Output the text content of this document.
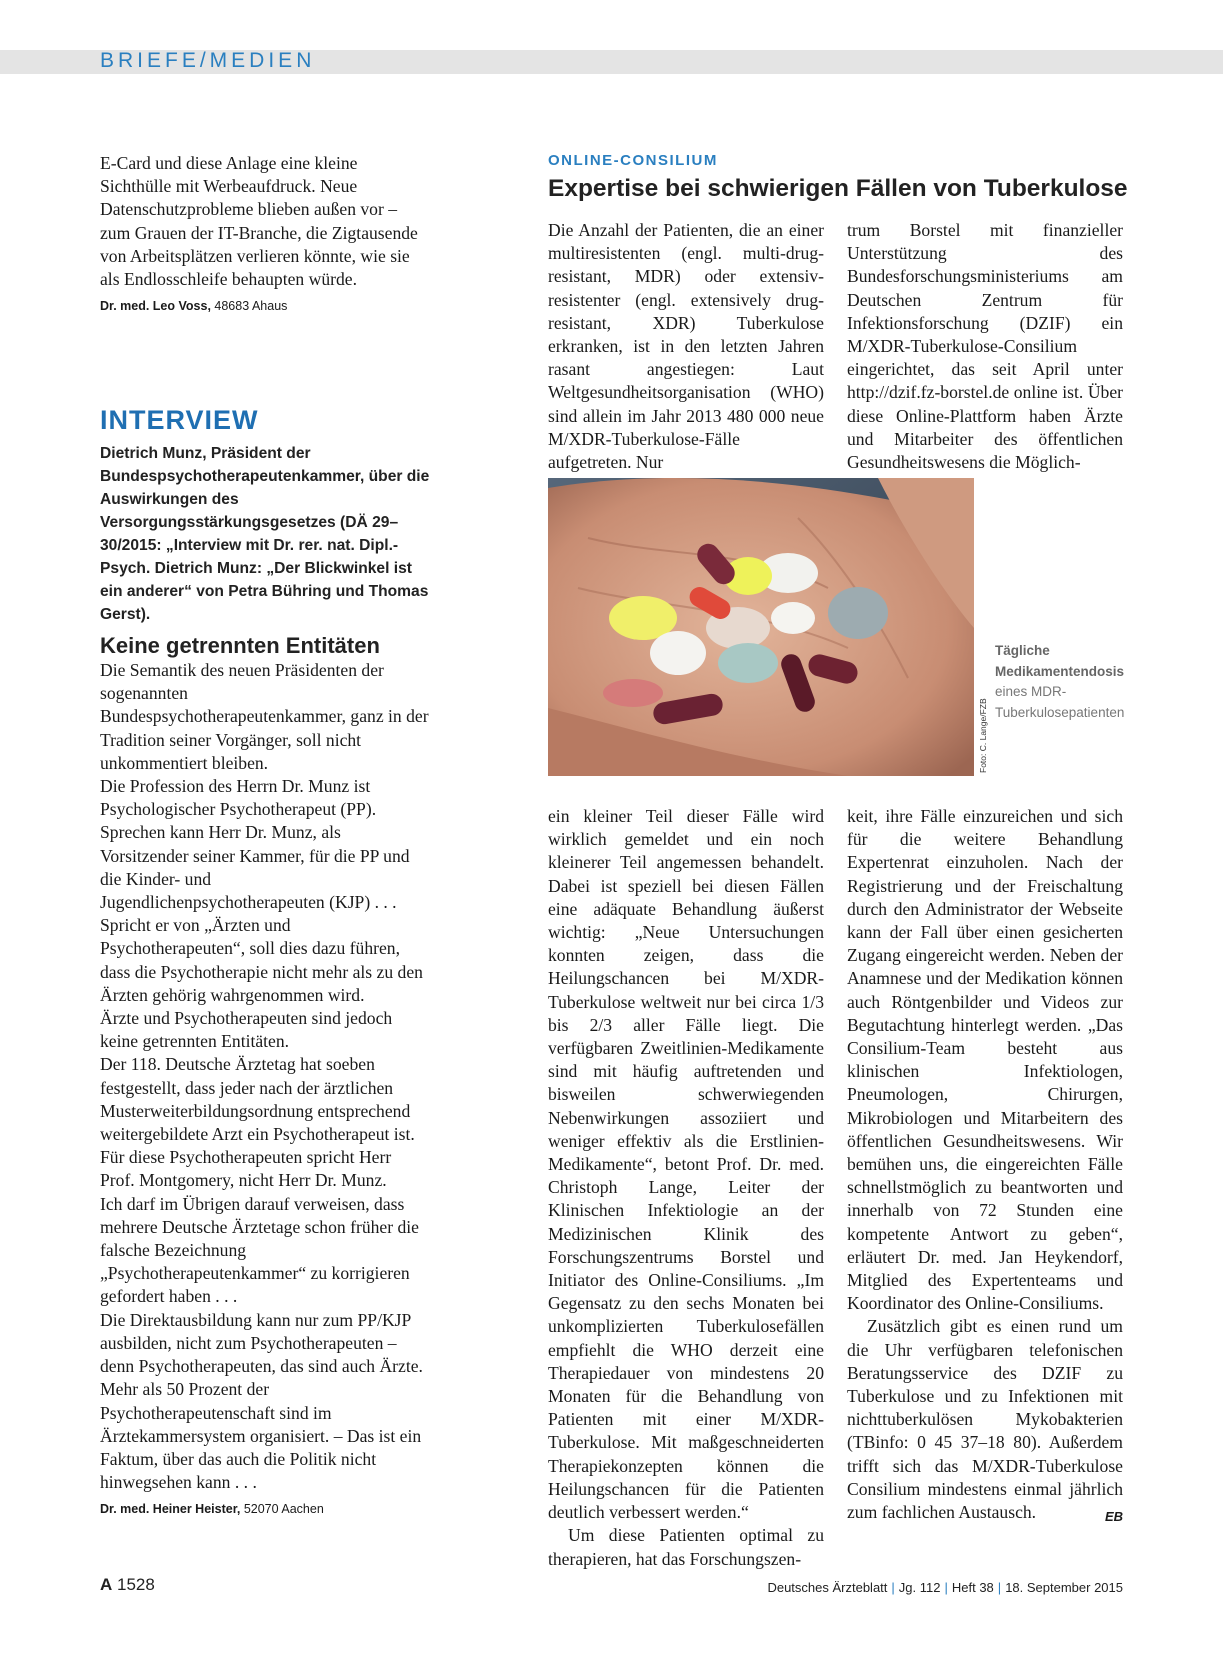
BRIEFE/MEDIEN
E-Card und diese Anlage eine kleine Sichthülle mit Werbeaufdruck. Neue Datenschutzprobleme blieben außen vor – zum Grauen der IT-Branche, die Zigtausende von Arbeitsplätzen verlieren könnte, wie sie als Endlosschleife behaupten würde.
Dr. med. Leo Voss, 48683 Ahaus
INTERVIEW
Dietrich Munz, Präsident der Bundespsychotherapeutenkammer, über die Auswirkungen des Versorgungsstärkungsgesetzes (DÄ 29–30/2015: „Interview mit Dr. rer. nat. Dipl.-Psych. Dietrich Munz: „Der Blickwinkel ist ein anderer“ von Petra Bühring und Thomas Gerst).
Keine getrennten Entitäten
Die Semantik des neuen Präsidenten der sogenannten Bundespsychotherapeutenkammer, ganz in der Tradition seiner Vorgänger, soll nicht unkommentiert bleiben.
Die Profession des Herrn Dr. Munz ist Psychologischer Psychotherapeut (PP).
Sprechen kann Herr Dr. Munz, als Vorsitzender seiner Kammer, für die PP und die Kinder- und Jugendlichenpsychotherapeuten (KJP) . . .
Spricht er von „Ärzten und Psychotherapeuten“, soll dies dazu führen, dass die Psychotherapie nicht mehr als zu den Ärzten gehörig wahrgenommen wird.
Ärzte und Psychotherapeuten sind jedoch keine getrennten Entitäten.
Der 118. Deutsche Ärztetag hat soeben festgestellt, dass jeder nach der ärztlichen Musterweiterbildungsordnung entsprechend weitergebildete Arzt ein Psychotherapeut ist.
Für diese Psychotherapeuten spricht Herr Prof. Montgomery, nicht Herr Dr. Munz.
Ich darf im Übrigen darauf verweisen, dass mehrere Deutsche Ärztetage schon früher die falsche Bezeichnung „Psychotherapeutenkammer“ zu korrigieren gefordert haben . . .
Die Direktausbildung kann nur zum PP/KJP ausbilden, nicht zum Psychotherapeuten – denn Psychotherapeuten, das sind auch Ärzte. Mehr als 50 Prozent der Psychotherapeutenschaft sind im Ärztekammersystem organisiert. – Das ist ein Faktum, über das auch die Politik nicht hinwegsehen kann . . .
Dr. med. Heiner Heister, 52070 Aachen
ONLINE-CONSILIUM
Expertise bei schwierigen Fällen von Tuberkulose
Die Anzahl der Patienten, die an einer multiresistenten (engl. multi-drug-resistant, MDR) oder extensiv-resistenter (engl. extensively drug-resistant, XDR) Tuberkulose erkranken, ist in den letzten Jahren rasant angestiegen: Laut Weltgesundheitsorganisation (WHO) sind allein im Jahr 2013 480 000 neue M/XDR-Tuberkulose-Fälle aufgetreten. Nur
trum Borstel mit finanzieller Unterstützung des Bundesforschungsministeriums am Deutschen Zentrum für Infektionsforschung (DZIF) ein M/XDR-Tuberkulose-Consilium eingerichtet, das seit April unter http://dzif.fz-borstel.de online ist. Über diese Online-Plattform haben Ärzte und Mitarbeiter des öffentlichen Gesundheitswesens die Möglich-
Foto: C. Lange/FZB
Tägliche Medikamentendosis
eines MDR-Tuberkulosepatienten
ein kleiner Teil dieser Fälle wird wirklich gemeldet und ein noch kleinerer Teil angemessen behandelt. Dabei ist speziell bei diesen Fällen eine adäquate Behandlung äußerst wichtig: „Neue Untersuchungen konnten zeigen, dass die Heilungschancen bei M/XDR-Tuberkulose weltweit nur bei circa 1/3 bis 2/3 aller Fälle liegt. Die verfügbaren Zweitlinien-Medikamente sind mit häufig auftretenden und bisweilen schwerwiegenden Nebenwirkungen assoziiert und weniger effektiv als die Erstlinien-Medikamente“, betont Prof. Dr. med. Christoph Lange, Leiter der Klinischen Infektiologie an der Medizinischen Klinik des Forschungszentrums Borstel und Initiator des Online-Consiliums. „Im Gegensatz zu den sechs Monaten bei unkomplizierten Tuberkulosefällen empfiehlt die WHO derzeit eine Therapiedauer von mindestens 20 Monaten für die Behandlung von Patienten mit einer M/XDR-Tuberkulose. Mit maßgeschneiderten Therapiekonzepten können die Heilungschancen für die Patienten deutlich verbessert werden.“
Um diese Patienten optimal zu therapieren, hat das Forschungszen-
keit, ihre Fälle einzureichen und sich für die weitere Behandlung Expertenrat einzuholen. Nach der Registrierung und der Freischaltung durch den Administrator der Webseite kann der Fall über einen gesicherten Zugang eingereicht werden. Neben der Anamnese und der Medikation können auch Röntgenbilder und Videos zur Begutachtung hinterlegt werden. „Das Consilium-Team besteht aus klinischen Infektiologen, Pneumologen, Chirurgen, Mikrobiologen und Mitarbeitern des öffentlichen Gesundheitswesens. Wir bemühen uns, die eingereichten Fälle schnellstmöglich zu beantworten und innerhalb von 72 Stunden eine kompetente Antwort zu geben“, erläutert Dr. med. Jan Heykendorf, Mitglied des Expertenteams und Koordinator des Online-Consiliums.
Zusätzlich gibt es einen rund um die Uhr verfügbaren telefonischen Beratungsservice des DZIF zu Tuberkulose und zu Infektionen mit nichttuberkulösen Mykobakterien (TBinfo: 0 45 37–18 80). Außerdem trifft sich das M/XDR-Tuberkulose Consilium mindestens einmal jährlich zum fachlichen Austausch.	EB
A 1528	Deutsches Ärzteblatt | Jg. 112 | Heft 38 | 18. September 2015
